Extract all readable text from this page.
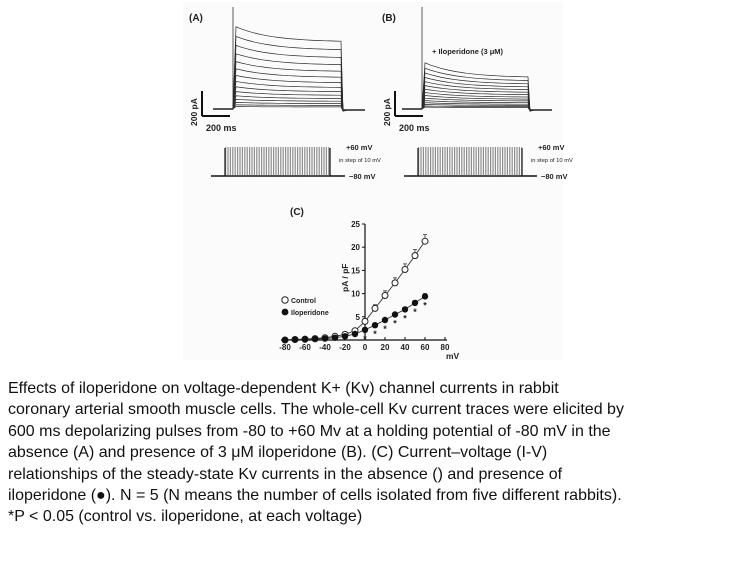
(A)
200 pA
200 ms
+60 mV
in step of 10 mV
−80 mV
(B)
+ Iloperidone (3 μM)
200 pA
200 ms
+60 mV
in step of 10 mV
−80 mV
(C)
-80 -60 -40 -20 0 20 40 60 80
5
10
15
20
25
* *
*
*
*
*
*
pA / pF
mV
Control
Iloperidone

Effects of iloperidone on voltage-dependent K+ (Kv) channel currents in rabbit

coronary arterial smooth muscle cells. The whole-cell Kv current traces were elicited by

600 ms depolarizing pulses from -80 to +60 Mv at a holding potential of -80 mV in the

absence (A) and presence of 3 μM iloperidone (B). (C) Current–voltage (I-V)

relationships of the steady-state Kv currents in the absence () and presence of

iloperidone (●). N = 5 (N means the number of cells isolated from five different rabbits).

*P < 0.05 (control vs. iloperidone, at each voltage)
